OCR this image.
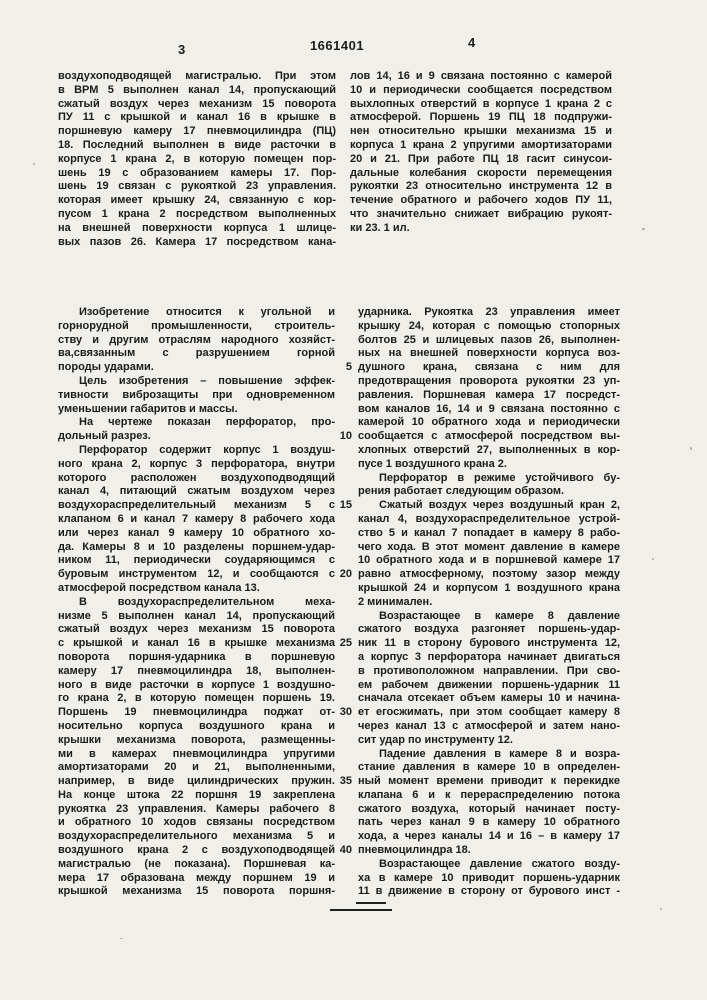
3	1661401	4
воздухоподводящей магистралью. При этом
в ВРМ 5 выполнен канал 14, пропускающий
сжатый воздух через механизм 15 поворота
ПУ 11 с крышкой и канал 16 в крышке в
поршневую камеру 17 пневмоцилиндра (ПЦ)
18. Последний выполнен в виде расточки в
корпусе 1 крана 2, в которую помещен пор-
шень 19 с образованием камеры 17. Пор-
шень 19 связан с рукояткой 23 управления.
которая имеет крышку 24, связанную с кор-
пусом 1 крана 2 посредством выполненных
на внешней поверхности корпуса 1 шлице-
вых пазов 26. Камера 17 посредством кана-
лов 14, 16 и 9 связана постоянно с камерой
10 и периодически сообщается посредством
выхлопных отверстий в корпусе 1 крана 2 с
атмосферой. Поршень 19 ПЦ 18 подпружи-
нен относительно крышки механизма 15 и
корпуса 1 крана 2 упругими амортизаторами
20 и 21. При работе ПЦ 18 гасит синусои-
дальные колебания скорости перемещения
рукоятки 23 относительно инструмента 12 в
течение обратного и рабочего ходов ПУ 11,
что значительно снижает вибрацию рукоят-
ки 23. 1 ил.
Изобретение относится к угольной и
горнорудной промышленности, строитель-
ству и другим отраслям народного хозяйст-
ва,связанным с разрушением горной
породы ударами.
Цель изобретения – повышение эффек-
тивности виброзащиты при одновременном
уменьшении габаритов и массы.
На чертеже показан перфоратор, про-
дольный разрез.
Перфоратор содержит корпус 1 воздуш-
ного крана 2, корпус 3 перфоратора, внутри
которого расположен воздухоподводящий
канал 4, питающий сжатым воздухом через
воздухораспределительный механизм 5 с
клапаном 6 и канал 7 камеру 8 рабочего хода
или через канал 9 камеру 10 обратного хо-
да. Камеры 8 и 10 разделены поршнем-удар-
ником 11, периодически соударяющимся с
буровым инструментом 12, и сообщаются с
атмосферой посредством канала 13.
В воздухораспределительном меха-
низме 5 выполнен канал 14, пропускающий
сжатый воздух через механизм 15 поворота
с крышкой и канал 16 в крышке механизма
поворота поршня-ударника в поршневую
камеру 17 пневмоцилиндра 18, выполнен-
ного в виде расточки в корпусе 1 воздушно-
го крана 2, в которую помещен поршень 19.
Поршень 19 пневмоцилиндра поджат от-
носительно корпуса воздушного крана и
крышки механизма поворота, размещенны-
ми в камерах пневмоцилиндра упругими
амортизаторами 20 и 21, выполненными,
например, в виде цилиндрических пружин.
На конце штока 22 поршня 19 закреплена
рукоятка 23 управления. Камеры рабочего 8
и обратного 10 ходов связаны посредством
воздухораспределительного механизма 5 и
воздушного крана 2 с воздухоподводящей
магистралью (не показана). Поршневая ка-
мера 17 образована между поршнем 19 и
крышкой механизма 15 поворота поршня-
ударника. Рукоятка 23 управления имеет
крышку 24, которая с помощью стопорных
болтов 25 и шлицевых пазов 26, выполнен-
ных на внешней поверхности корпуса воз-
душного крана, связана с ним для
предотвращения проворота рукоятки 23 уп-
равления. Поршневая камера 17 посредст-
вом каналов 16, 14 и 9 связана постоянно с
камерой 10 обратного хода и периодически
сообщается с атмосферой посредством вы-
хлопных отверстий 27, выполненных в кор-
пусе 1 воздушного крана 2.
Перфоратор в режиме устойчивого бу-
рения работает следующим образом.
Сжатый воздух через воздушный кран 2,
канал 4, воздухораспределительное устрой-
ство 5 и канал 7 попадает в камеру 8 рабо-
чего хода. В этот момент давление в камере
10 обратного хода и в поршневой камере 17
равно атмосферному, поэтому зазор между
крышкой 24 и корпусом 1 воздушного крана
2 минимален.
Возрастающее в камере 8 давление
сжатого воздуха разгоняет поршень-удар-
ник 11 в сторону бурового инструмента 12,
а корпус 3 перфоратора начинает двигаться
в противоположном направлении. При сво-
ем рабочем движении поршень-ударник 11
сначала отсекает объем камеры 10 и начина-
ет егосжимать, при этом сообщает камеру 8
через канал 13 с атмосферой и затем нано-
сит удар по инструменту 12.
Падение давления в камере 8 и возра-
стание давления в камере 10 в определен-
ный момент времени приводит к перекидке
клапана 6 и к перераспределению потока
сжатого воздуха, который начинает посту-
пать через канал 9 в камеру 10 обратного
хода, а через каналы 14 и 16 – в камеру 17
пневмоцилиндра 18.
Возрастающее давление сжатого возду-
ха в камере 10 приводит поршень-ударник
11 в движение в сторону от бурового инст -
5
10
15
20
25
30
35
40
